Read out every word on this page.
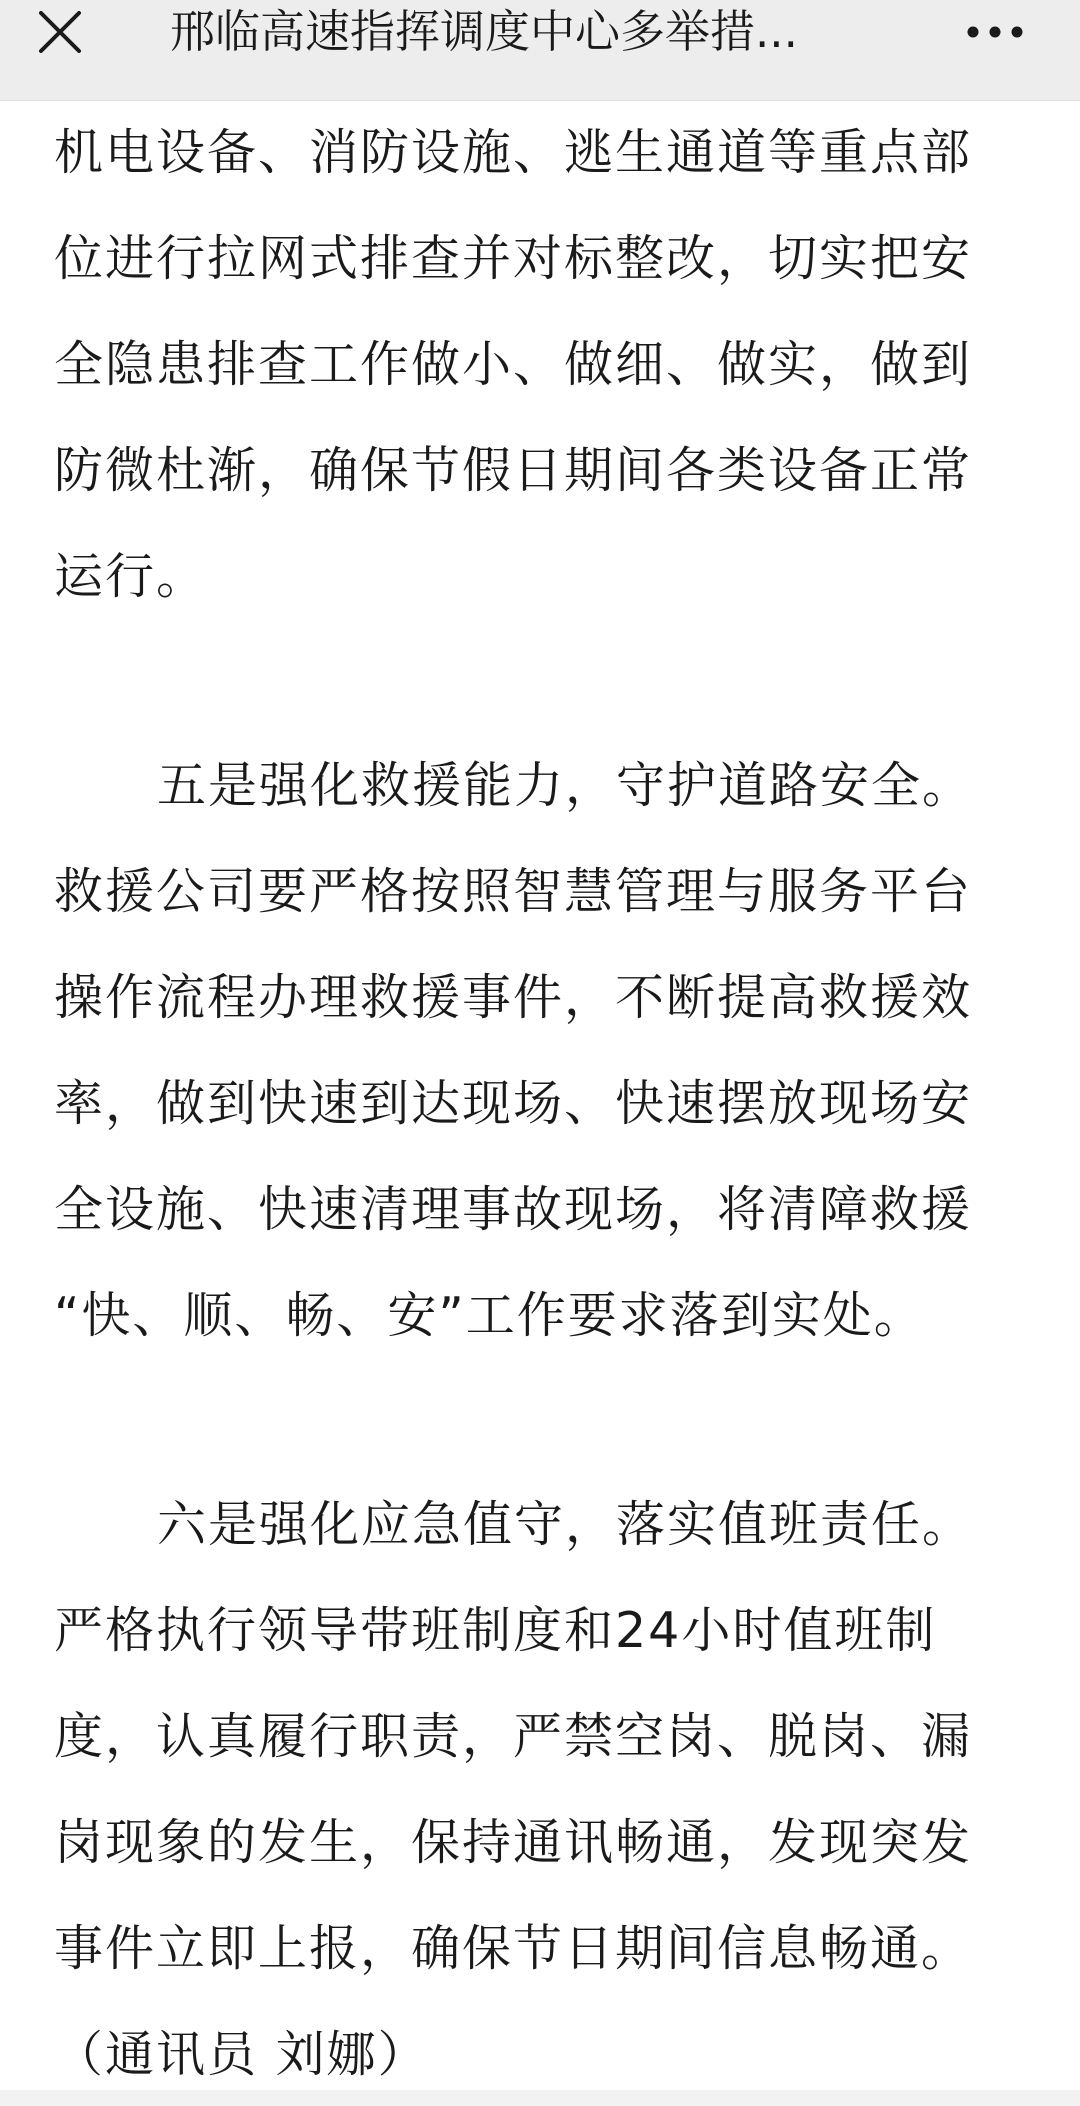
邢临高速指挥调度中心多举措...

机电设备、消防设施、逃生通道等重点部

位进行拉网式排查并对标整改，切实把安

全隐患排查工作做小、做细、做实，做到

防微杜渐，确保节假日期间各类设备正常

运行。

五是强化救援能力，守护道路安全。

救援公司要严格按照智慧管理与服务平台

操作流程办理救援事件，不断提高救援效

率，做到快速到达现场、快速摆放现场安

全设施、快速清理事故现场，将清障救援

“快、顺、畅、安”工作要求落到实处。

六是强化应急值守，落实值班责任。

严格执行领导带班制度和24小时值班制

度，认真履行职责，严禁空岗、脱岗、漏

岗现象的发生，保持通讯畅通，发现突发

事件立即上报，确保节日期间信息畅通。

（通讯员 刘娜）
